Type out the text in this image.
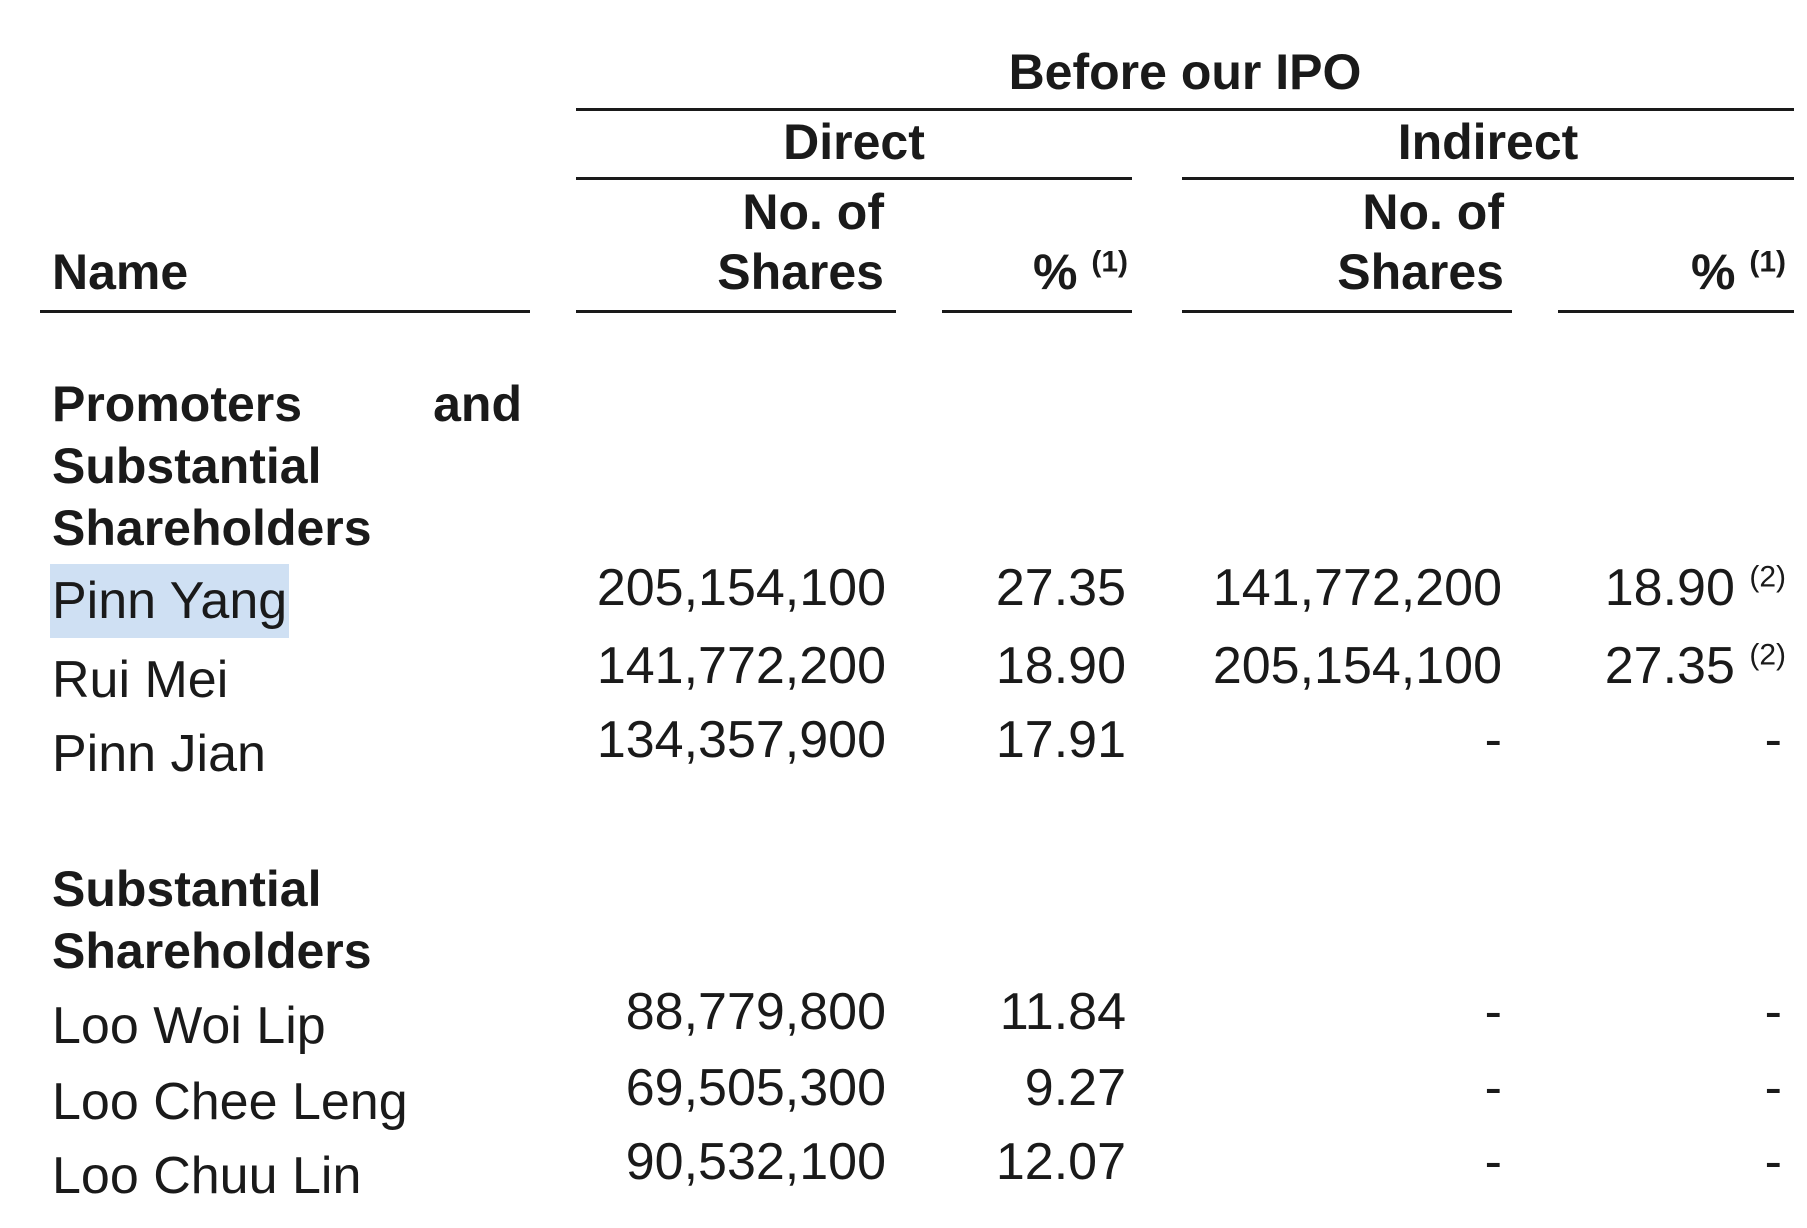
Before our IPO
Direct	Indirect
Name
No. of
Shares	% $^{(1)}$
No. of
Shares	% $^{(1)}$
Promoters	and
Substantial
Shareholders
Pinn Yang	205,154,100	27.35	141,772,200	18.90 $^{(2)}$
Rui Mei	141,772,200	18.90	205,154,100	27.35 $^{(2)}$
Pinn Jian	134,357,900	17.91	-	-
Substantial
Shareholders
Loo Woi Lip	88,779,800	11.84	-	-
Loo Chee Leng	69,505,300	9.27	-	-
Loo Chuu Lin	90,532,100	12.07	-	-
